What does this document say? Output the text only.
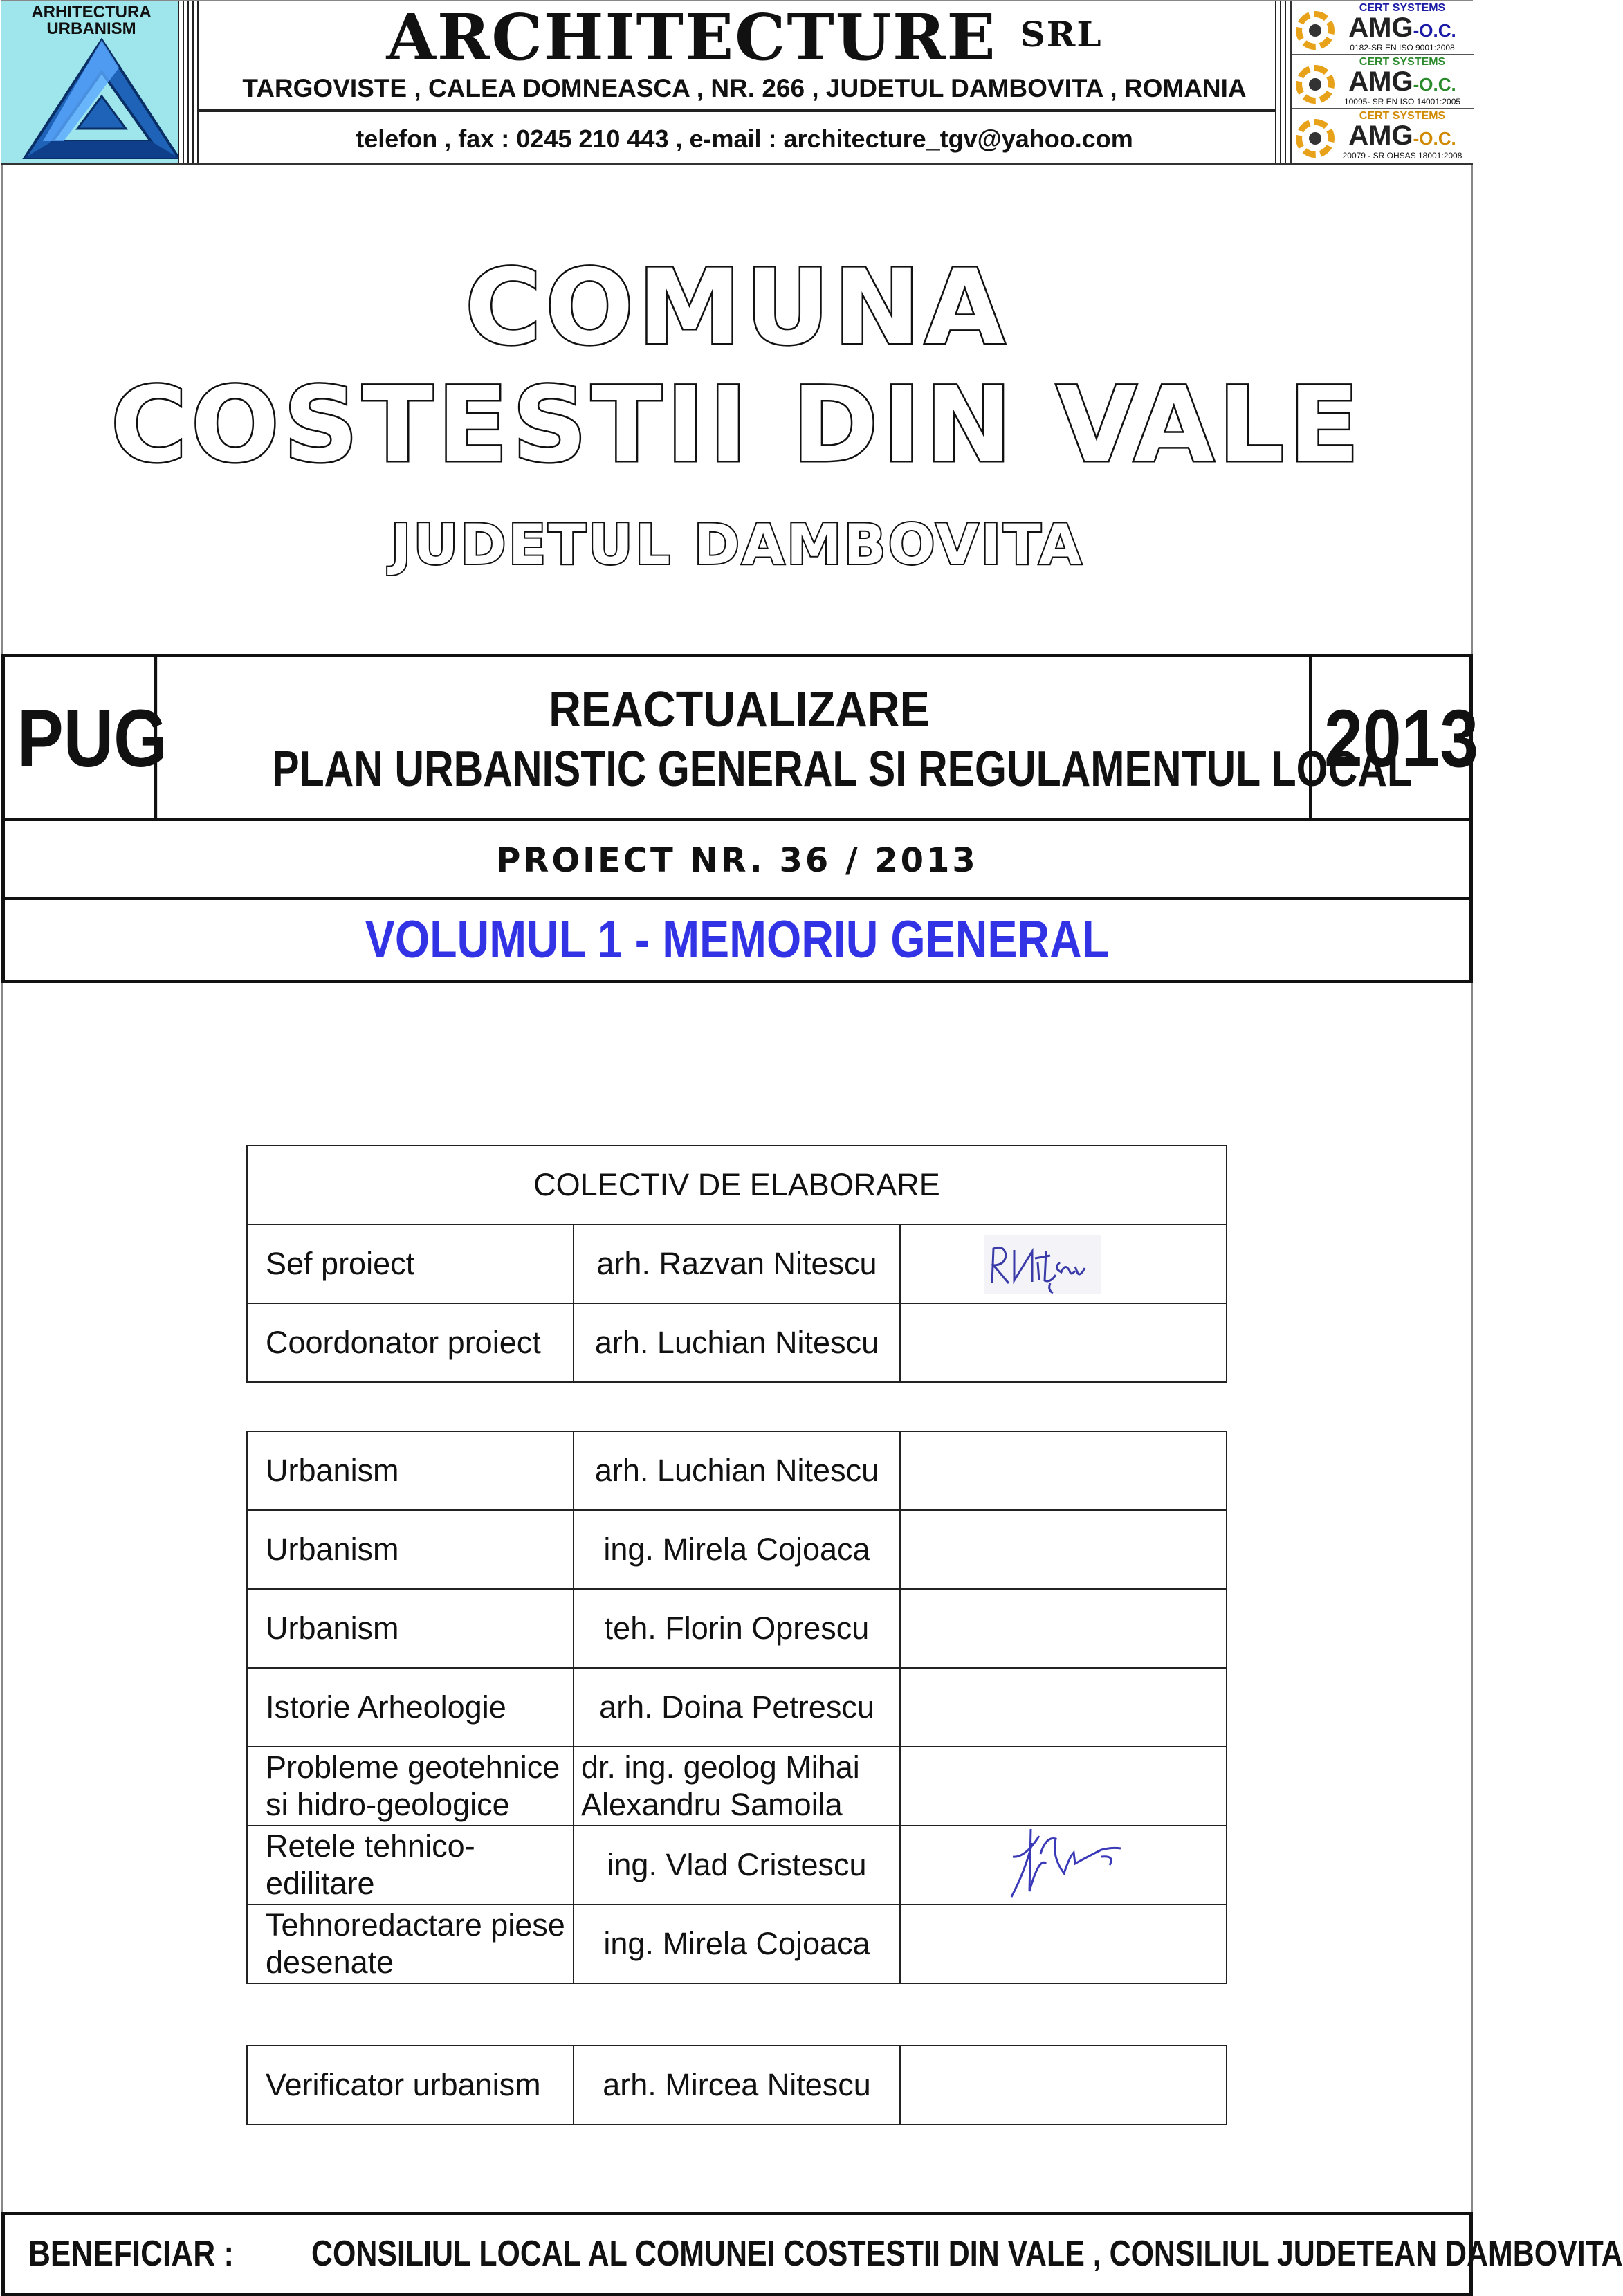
ARHITECTURA
URBANISM	ARCHITECTURE $^{SRL}$
TARGOVISTE , CALEA DOMNEASCA , NR. 266 , JUDETUL DAMBOVITA , ROMANIA
telefon , fax : 0245 210 443 , e-mail : architecture_tgv@yahoo.com
CERT SYSTEMS
AMG-O.C.
0182-SR EN ISO 9001:2008
CERT SYSTEMS
AMG-O.C.
10095- SR EN ISO 14001:2005
CERT SYSTEMS
AMG-O.C.
20079 - SR OHSAS 18001:2008
COMUNA
COSTESTII DIN VALE
JUDETUL DAMBOVITA
PUG	REACTUALIZARE
PLAN URBANISTIC GENERAL SI REGULAMENTUL LOCAL
2013
PROIECT NR. 36 / 2013
VOLUMUL 1 - MEMORIU GENERAL
COLECTIV DE ELABORARE		
Sef proiect	arh. Razvan Nitescu	

Coordonator proiect	arh. Luchian Nitescu	
Urbanism	arh. Luchian Nitescu	
Urbanism	ing. Mirela Cojoaca	
Urbanism	teh. Florin Oprescu	
Istorie Arheologie	arh. Doina Petrescu	
Probleme geotehnice si hidro-geologice	dr. ing. geolog Mihai Alexandru Samoila	
Retele tehnico-edilitare	ing. Vlad Cristescu	

Tehnoredactare piese desenate	ing. Mirela Cojoaca	
Verificator urbanism	arh. Mircea Nitescu	
BENEFICIAR : CONSILIUL LOCAL AL COMUNEI COSTESTII DIN VALE , CONSILIUL JUDETEAN DAMBOVITA
